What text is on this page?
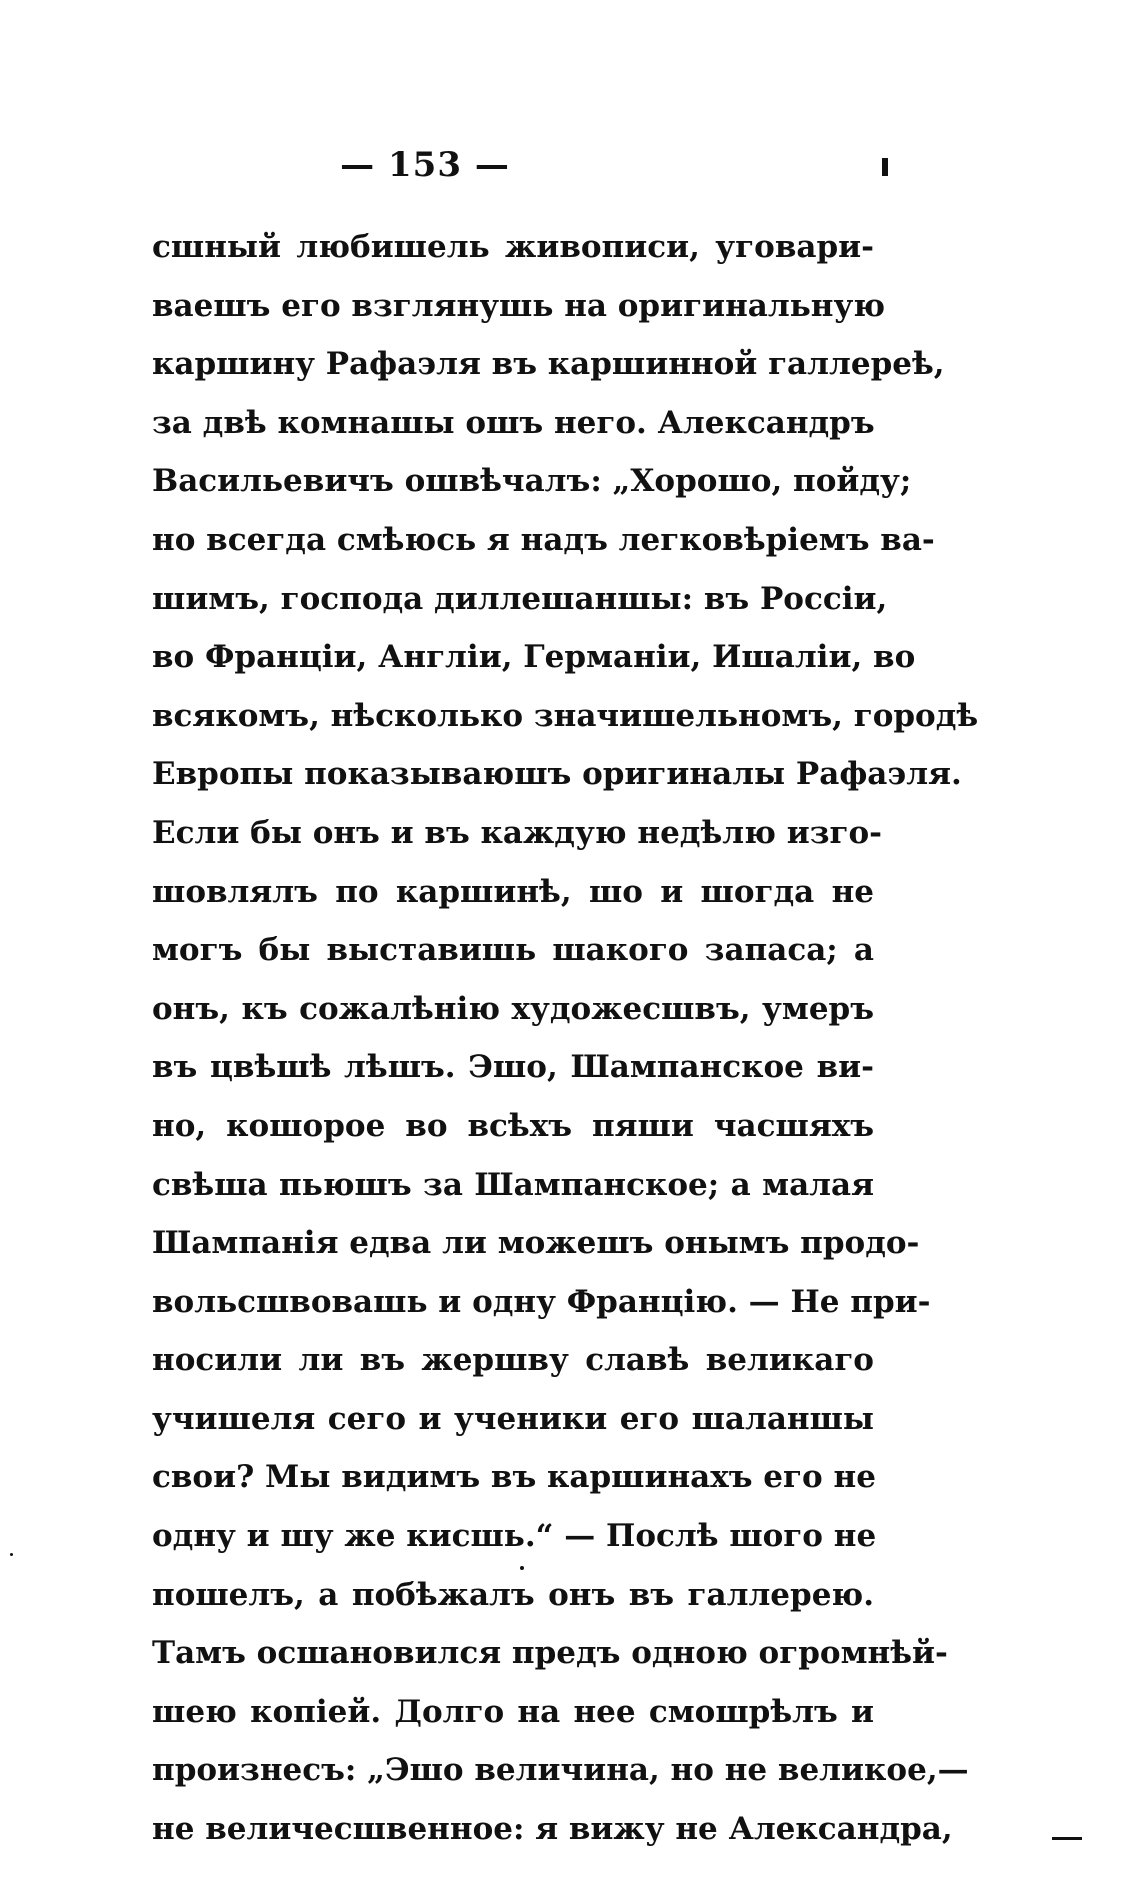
— 153 —
сшный любишель живописи, уговари-
ваешъ его взглянушь на оригинальную
каршину Рафаэля въ каршинной галлереѣ,
за двѣ комнашы ошъ него. Александръ
Васильевичъ ошвѣчалъ: „Хорошо, пойду;
но всегда смѣюсь я надъ легковѣріемъ ва-
шимъ, господа диллешаншы: въ Россіи,
во Франціи, Англіи, Германіи, Ишаліи, во
всякомъ, нѣсколько значишельномъ, городѣ
Европы показываюшъ оригиналы Рафаэля.
Если бы онъ и въ каждую недѣлю изго-
шовлялъ по каршинѣ, шо и шогда не
могъ бы выставишь шакого запаса; а
онъ, къ сожалѣнію художесшвъ, умеръ
въ цвѣшѣ лѣшъ. Эшо, Шампанское ви-
но, кошорое во всѣхъ пяши часшяхъ
свѣша пьюшъ за Шампанское; а малая
Шампанія едва ли можешъ онымъ продо-
вольсшвовашь и одну Францію. — Не при-
носили ли въ жершву славѣ великаго
учишеля сего и ученики его шаланшы
свои? Мы видимъ въ каршинахъ его не
одну и шу же кисшь.“ — Послѣ шого не
пошелъ, а побѣжалъ онъ въ галлерею.
Тамъ осшановился предъ одною огромнѣй-
шею копіей. Долго на нее смошрѣлъ и
произнесъ: „Эшо величина, но не великое,—
не величесшвенное: я вижу не Александра,
